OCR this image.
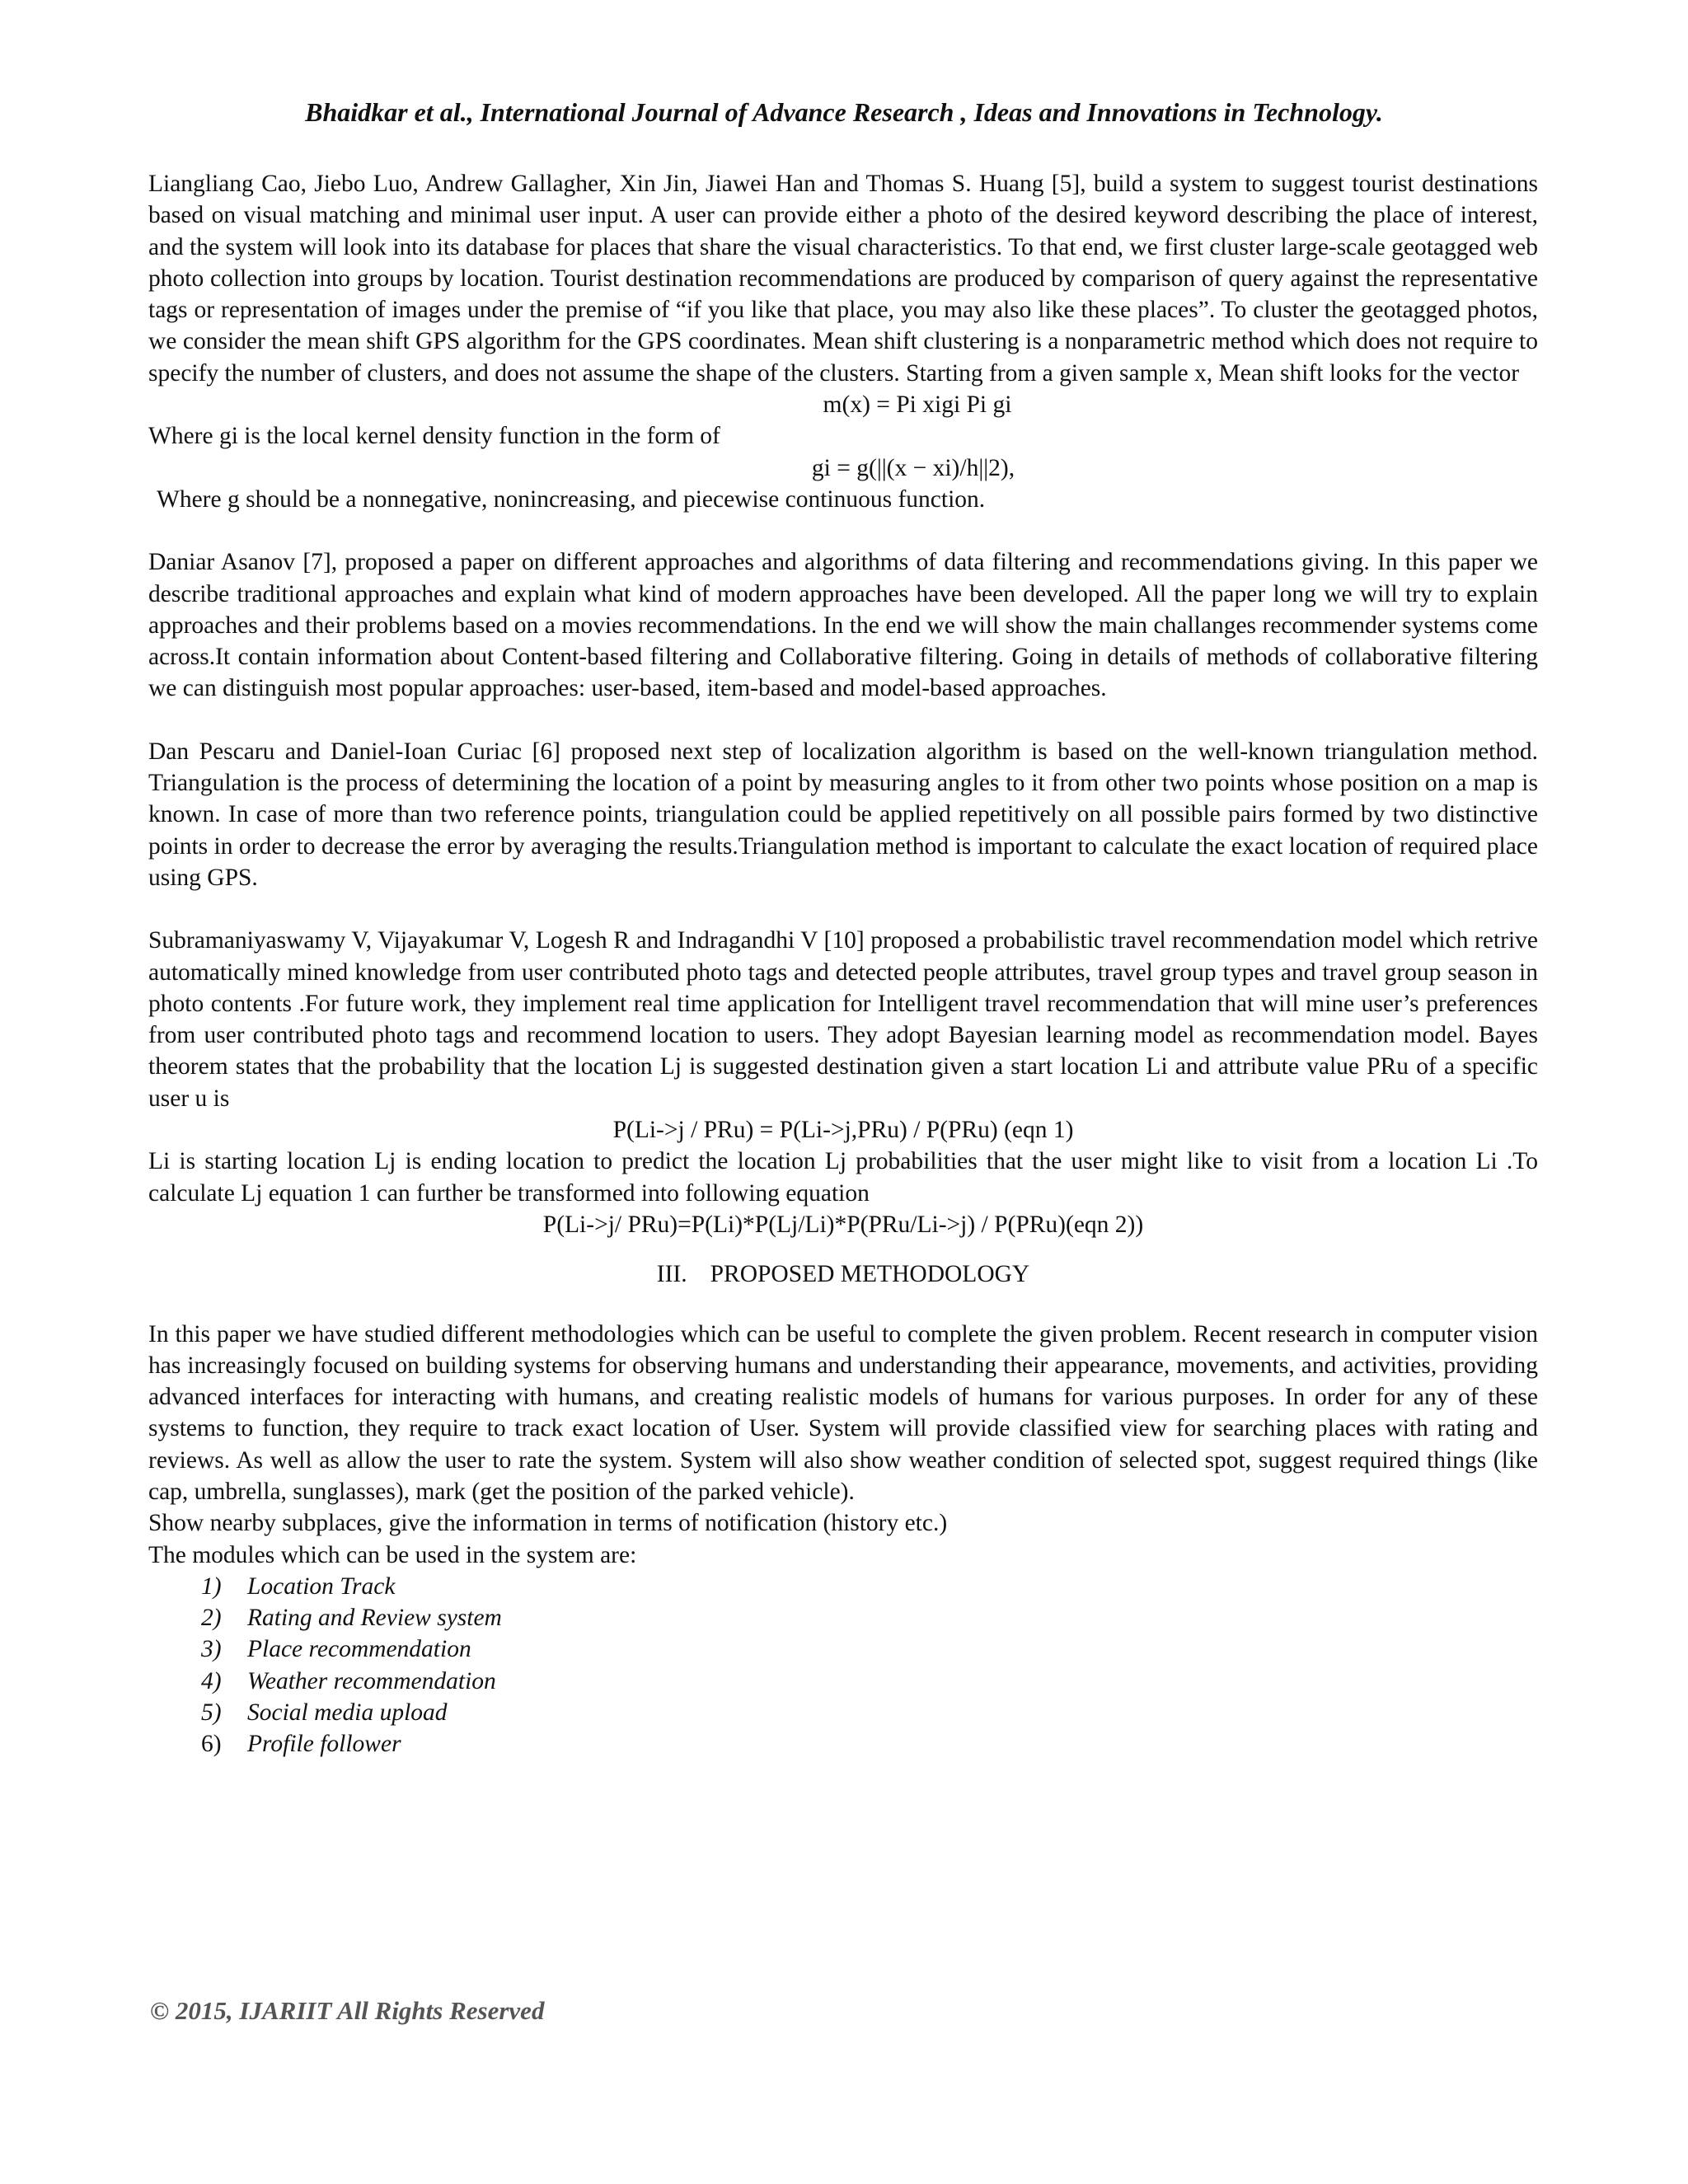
Bhaidkar et al., International Journal of Advance Research , Ideas and Innovations in Technology.

Liangliang Cao, Jiebo Luo, Andrew Gallagher, Xin Jin, Jiawei Han and Thomas S. Huang [5], build a system to suggest tourist destinations based on visual matching and minimal user input. A user can provide either a photo of the desired keyword describing the place of interest, and the system will look into its database for places that share the visual characteristics. To that end, we first cluster large-scale geotagged web photo collection into groups by location. Tourist destination recommendations are produced by comparison of query against the representative tags or representation of images under the premise of “if you like that place, you may also like these places”. To cluster the geotagged photos, we consider the mean shift GPS algorithm for the GPS coordinates. Mean shift clustering is a nonparametric method which does not require to specify the number of clusters, and does not assume the shape of the clusters. Starting from a given sample x, Mean shift looks for the vector

m(x) = Pi xigi Pi gi

Where gi is the local kernel density function in the form of

gi = g(||(x − xi)/h||2),

Where g should be a nonnegative, nonincreasing, and piecewise continuous function.

Daniar Asanov [7], proposed a paper on different approaches and algorithms of data filtering and recommendations giving. In this paper we describe traditional approaches and explain what kind of modern approaches have been developed. All the paper long we will try to explain approaches and their problems based on a movies recommendations. In the end we will show the main challanges recommender systems come across.It contain information about Content-based filtering and Collaborative filtering. Going in details of methods of collaborative filtering we can distinguish most popular approaches: user-based, item-based and model-based approaches.

Dan Pescaru and Daniel-Ioan Curiac [6] proposed next step of localization algorithm is based on the well-known triangulation method. Triangulation is the process of determining the location of a point by measuring angles to it from other two points whose position on a map is known. In case of more than two reference points, triangulation could be applied repetitively on all possible pairs formed by two distinctive points in order to decrease the error by averaging the results.Triangulation method is important to calculate the exact location of required place using GPS.

Subramaniyaswamy V, Vijayakumar V, Logesh R and Indragandhi V [10] proposed a probabilistic travel recommendation model which retrive automatically mined knowledge from user contributed photo tags and detected people attributes, travel group types and travel group season in photo contents .For future work, they implement real time application for Intelligent travel recommendation that will mine user’s preferences from user contributed photo tags and recommend location to users. They adopt Bayesian learning model as recommendation model. Bayes theorem states that the probability that the location Lj is suggested destination given a start location Li and attribute value PRu of a specific user u is

P(Li->j / PRu) = P(Li->j,PRu) / P(PRu) (eqn 1)

Li is starting location Lj is ending location to predict the location Lj probabilities that the user might like to visit from a location Li .To calculate Lj equation 1 can further be transformed into following equation

P(Li->j/ PRu)=P(Li)*P(Lj/Li)*P(PRu/Li->j) / P(PRu)(eqn 2))

III. PROPOSED METHODOLOGY

In this paper we have studied different methodologies which can be useful to complete the given problem. Recent research in computer vision has increasingly focused on building systems for observing humans and understanding their appearance, movements, and activities, providing advanced interfaces for interacting with humans, and creating realistic models of humans for various purposes. In order for any of these systems to function, they require to track exact location of User. System will provide classified view for searching places with rating and reviews. As well as allow the user to rate the system. System will also show weather condition of selected spot, suggest required things (like cap, umbrella, sunglasses), mark (get the position of the parked vehicle).

Show nearby subplaces, give the information in terms of notification (history etc.)

The modules which can be used in the system are:

1) Location Track
2) Rating and Review system
3) Place recommendation
4) Weather recommendation
5) Social media upload
6) Profile follower
© 2015, IJARIIT All Rights Reserved
